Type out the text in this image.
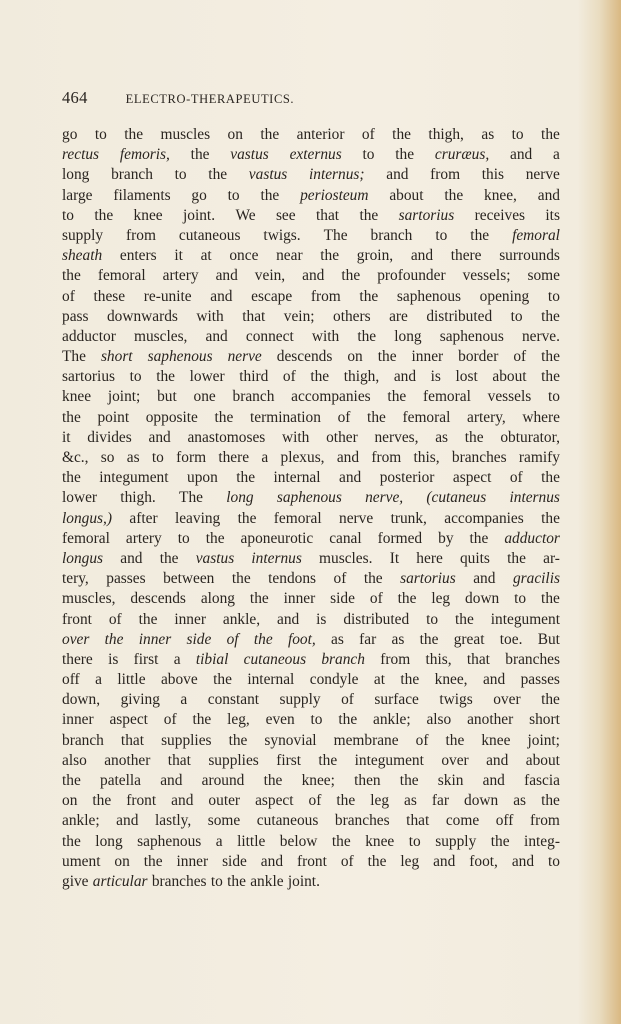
464	ELECTRO-THERAPEUTICS.
go to the muscles on the anterior of the thigh, as to the
rectus femoris, the vastus externus to the cruræus, and a
long branch to the vastus internus; and from this nerve
large filaments go to the periosteum about the knee, and
to the knee joint. We see that the sartorius receives its
supply from cutaneous twigs. The branch to the femoral
sheath enters it at once near the groin, and there surrounds
the femoral artery and vein, and the profounder vessels; some
of these re-unite and escape from the saphenous opening to
pass downwards with that vein; others are distributed to the
adductor muscles, and connect with the long saphenous nerve.
The short saphenous nerve descends on the inner border of the
sartorius to the lower third of the thigh, and is lost about the
knee joint; but one branch accompanies the femoral vessels to
the point opposite the termination of the femoral artery, where
it divides and anastomoses with other nerves, as the obturator,
&c., so as to form there a plexus, and from this, branches ramify
the integument upon the internal and posterior aspect of the
lower thigh. The long saphenous nerve, (cutaneus internus
longus,) after leaving the femoral nerve trunk, accompanies the
femoral artery to the aponeurotic canal formed by the adductor
longus and the vastus internus muscles. It here quits the ar-
tery, passes between the tendons of the sartorius and gracilis
muscles, descends along the inner side of the leg down to the
front of the inner ankle, and is distributed to the integument
over the inner side of the foot, as far as the great toe. But
there is first a tibial cutaneous branch from this, that branches
off a little above the internal condyle at the knee, and passes
down, giving a constant supply of surface twigs over the
inner aspect of the leg, even to the ankle; also another short
branch that supplies the synovial membrane of the knee joint;
also another that supplies first the integument over and about
the patella and around the knee; then the skin and fascia
on the front and outer aspect of the leg as far down as the
ankle; and lastly, some cutaneous branches that come off from
the long saphenous a little below the knee to supply the integ-
ument on the inner side and front of the leg and foot, and to
give articular branches to the ankle joint.
